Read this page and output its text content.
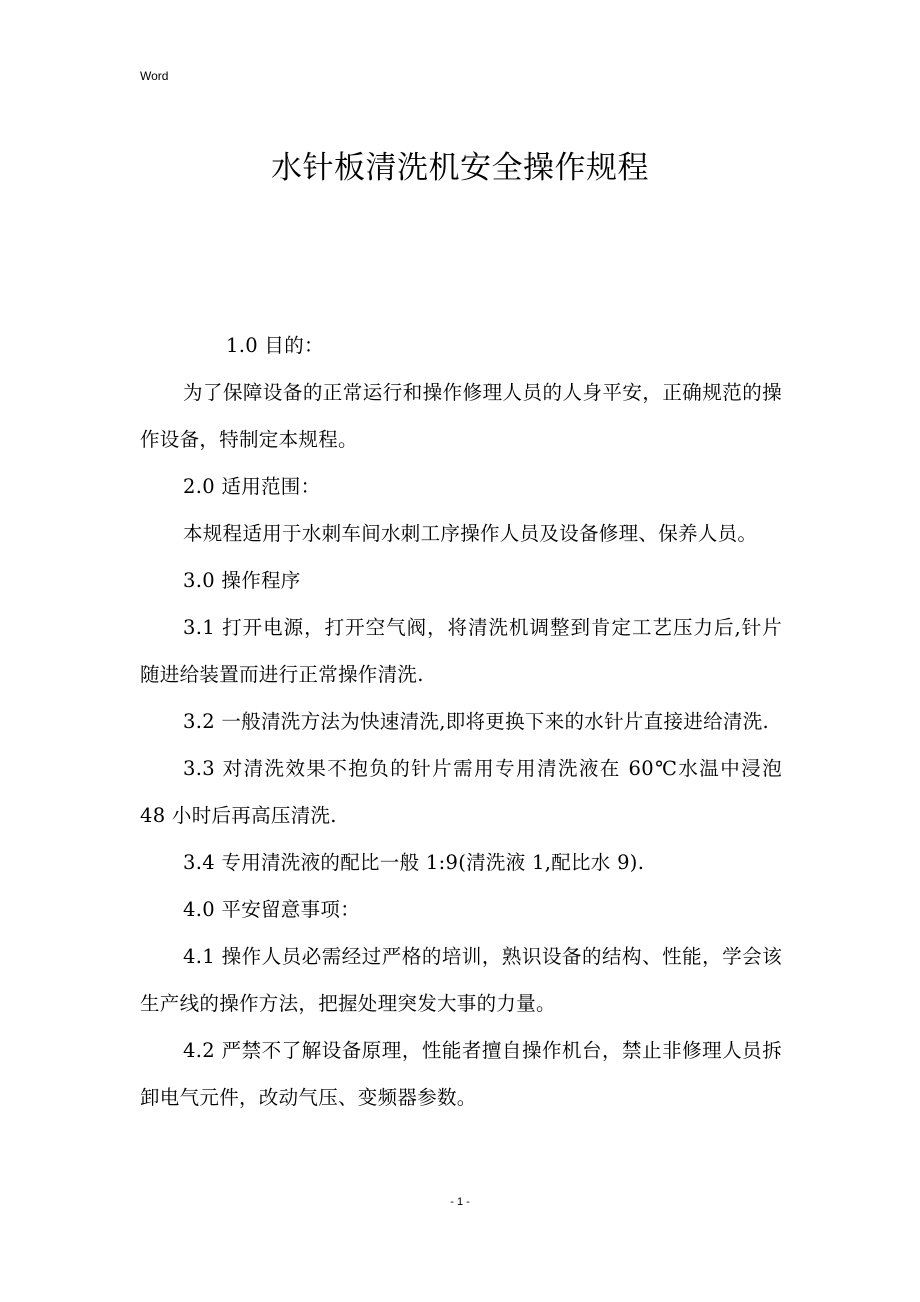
Word
水针板清洗机安全操作规程

1.0 目的：

为了保障设备的正常运行和操作修理人员的人身平安，正确规范的操作设备，特制定本规程。

2.0 适用范围：

本规程适用于水刺车间水刺工序操作人员及设备修理、保养人员。

3.0 操作程序

3.1 打开电源，打开空气阀，将清洗机调整到肯定工艺压力后,针片随进给装置而进行正常操作清洗.

3.2 一般清洗方法为快速清洗,即将更换下来的水针片直接进给清洗.

3.3 对清洗效果不抱负的针片需用专用清洗液在 60℃水温中浸泡 48 小时后再高压清洗.

3.4 专用清洗液的配比一般 1:9(清洗液 1,配比水 9).

4.0 平安留意事项：

4.1 操作人员必需经过严格的培训，熟识设备的结构、性能，学会该生产线的操作方法，把握处理突发大事的力量。

4.2 严禁不了解设备原理，性能者擅自操作机台，禁止非修理人员拆卸电气元件，改动气压、变频器参数。

- 1 -
